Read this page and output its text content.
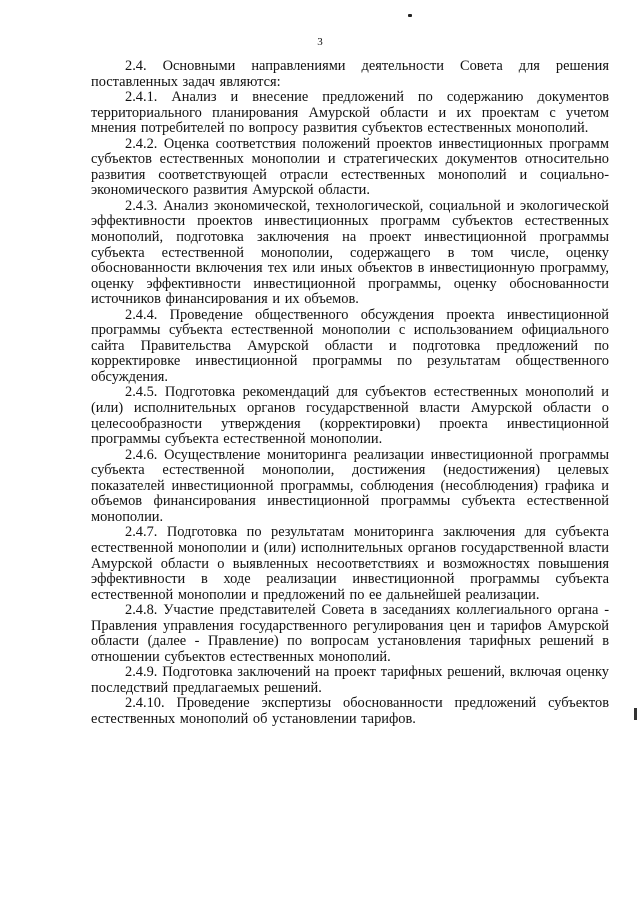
3

2.4. Основными направлениями деятельности Совета для решения поставленных задач являются:

2.4.1. Анализ и внесение предложений по содержанию документов территориального планирования Амурской области и их проектам с учетом мнения потребителей по вопросу развития субъектов естественных монополий.

2.4.2. Оценка соответствия положений проектов инвестиционных программ субъектов естественных монополии и стратегических документов относительно развития соответствующей отрасли естественных монополий и социально-экономического развития Амурской области.

2.4.3. Анализ экономической, технологической, социальной и экологической эффективности проектов инвестиционных программ субъектов естественных монополий, подготовка заключения на проект инвестиционной программы субъекта естественной монополии, содержащего в том числе, оценку обоснованности включения тех или иных объектов в инвестиционную программу, оценку эффективности инвестиционной программы, оценку обоснованности источников финансирования и их объемов.

2.4.4. Проведение общественного обсуждения проекта инвестиционной программы субъекта естественной монополии с использованием официального сайта Правительства Амурской области и подготовка предложений по корректировке инвестиционной программы по результатам общественного обсуждения.

2.4.5. Подготовка рекомендаций для субъектов естественных монополий и (или) исполнительных органов государственной власти Амурской области о целесообразности утверждения (корректировки) проекта инвестиционной программы субъекта естественной монополии.

2.4.6. Осуществление мониторинга реализации инвестиционной программы субъекта естественной монополии, достижения (недостижения) целевых показателей инвестиционной программы, соблюдения (несоблюдения) графика и объемов финансирования инвестиционной программы субъекта естественной монополии.

2.4.7. Подготовка по результатам мониторинга заключения для субъекта естественной монополии и (или) исполнительных органов государственной власти Амурской области о выявленных несоответствиях и возможностях повышения эффективности в ходе реализации инвестиционной программы субъекта естественной монополии и предложений по ее дальнейшей реализации.

2.4.8. Участие представителей Совета в заседаниях коллегиального органа - Правления управления государственного регулирования цен и тарифов Амурской области (далее - Правление) по вопросам установления тарифных решений в отношении субъектов естественных монополий.

2.4.9. Подготовка заключений на проект тарифных решений, включая оценку последствий предлагаемых решений.

2.4.10. Проведение экспертизы обоснованности предложений субъектов естественных монополий об установлении тарифов.
